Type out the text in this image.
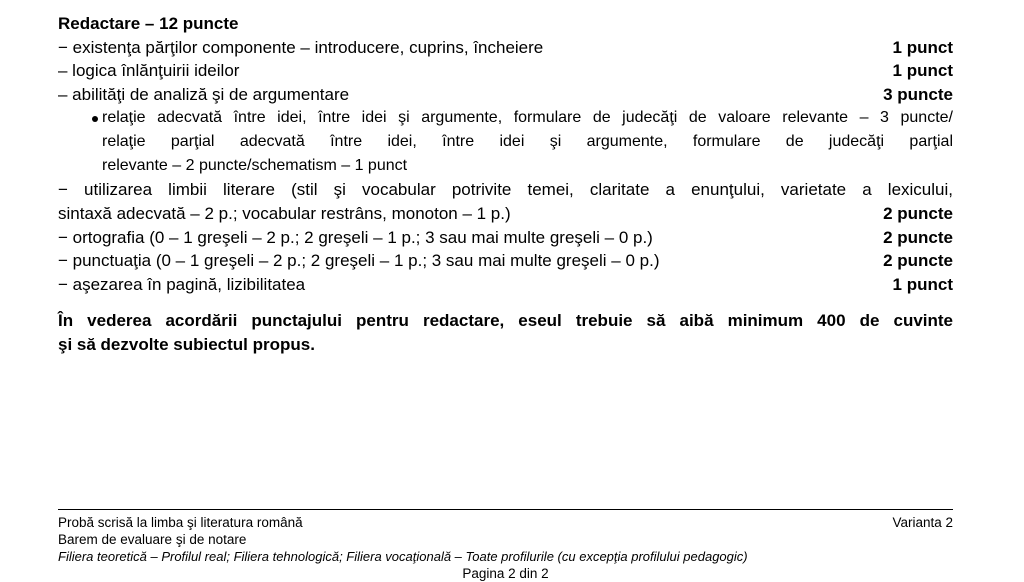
Redactare – 12 puncte
− existenţa părţilor componente – introducere, cuprins, încheiere	1 punct
– logica înlănţuirii ideilor	1 punct
– abilităţi de analiză şi de argumentare	3 puncte
relaţie adecvată între idei, între idei şi argumente, formulare de judecăţi de valoare relevante – 3 puncte/
relaţie parţial adecvată între idei, între idei şi argumente, formulare de judecăţi parţial
relevante – 2 puncte/schematism – 1 punct
− utilizarea limbii literare (stil şi vocabular potrivite temei, claritate a enunţului, varietate a lexicului,
sintaxă adecvată – 2 p.; vocabular restrâns, monoton – 1 p.)	2 puncte
− ortografia (0 – 1 greşeli – 2 p.; 2 greşeli – 1 p.; 3 sau mai multe greşeli – 0 p.)	2 puncte
− punctuaţia (0 – 1 greşeli – 2 p.; 2 greşeli – 1 p.; 3 sau mai multe greşeli – 0 p.)	2 puncte
− aşezarea în pagină, lizibilitatea	1 punct
În vederea acordării punctajului pentru redactare, eseul trebuie să aibă minimum 400 de cuvinte
şi să dezvolte subiectul propus.
Probă scrisă la limba şi literatura română	Varianta 2
Barem de evaluare şi de notare
Filiera teoretică – Profilul real; Filiera tehnologică; Filiera vocaţională – Toate profilurile (cu excepţia profilului pedagogic)
Pagina 2 din 2
